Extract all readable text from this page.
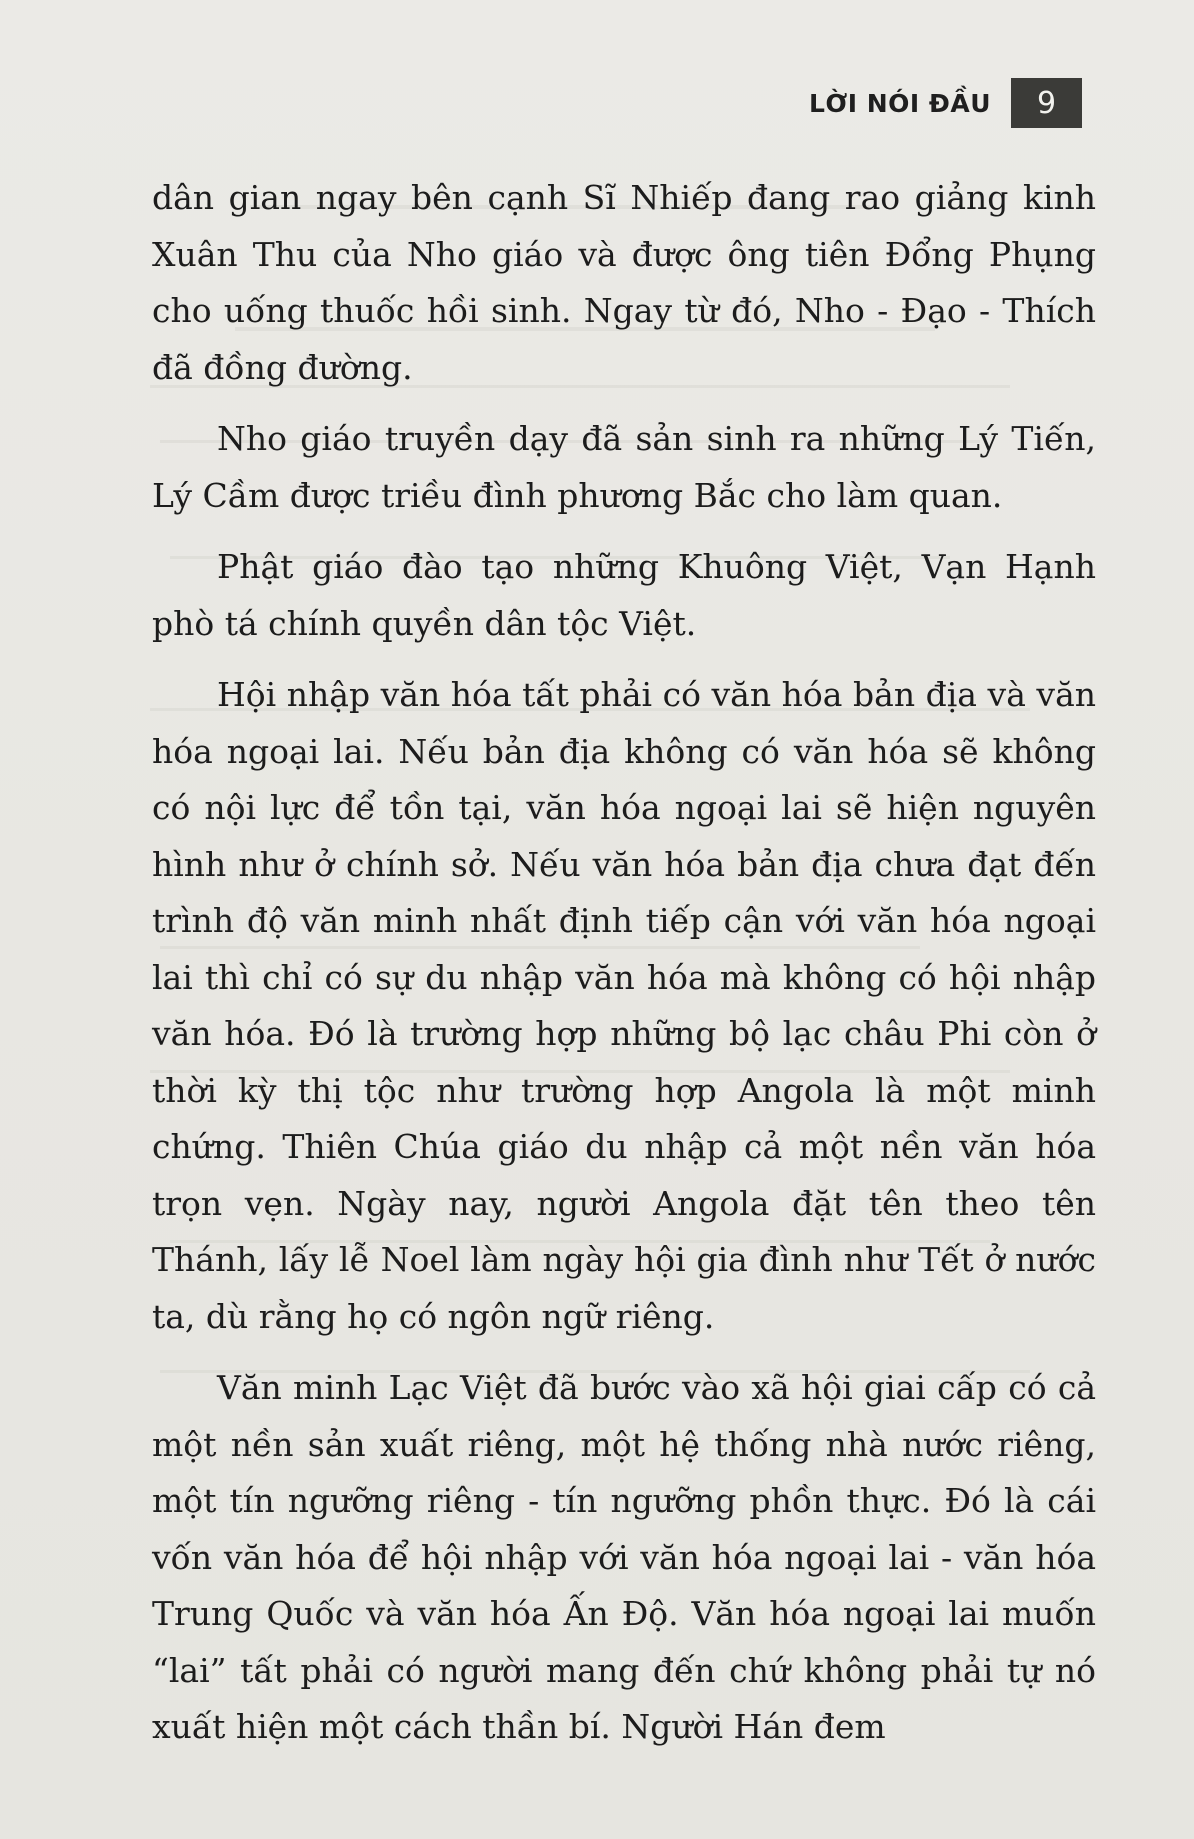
LỜI NÓI ĐẦU	9

dân gian ngay bên cạnh Sĩ Nhiếp đang rao giảng kinh Xuân Thu của Nho giáo và được ông tiên Đổng Phụng cho uống thuốc hồi sinh. Ngay từ đó, Nho - Đạo - Thích đã đồng đường.

Nho giáo truyền dạy đã sản sinh ra những Lý Tiến, Lý Cầm được triều đình phương Bắc cho làm quan.

Phật giáo đào tạo những Khuông Việt, Vạn Hạnh phò tá chính quyền dân tộc Việt.

Hội nhập văn hóa tất phải có văn hóa bản địa và văn hóa ngoại lai. Nếu bản địa không có văn hóa sẽ không có nội lực để tồn tại, văn hóa ngoại lai sẽ hiện nguyên hình như ở chính sở. Nếu văn hóa bản địa chưa đạt đến trình độ văn minh nhất định tiếp cận với văn hóa ngoại lai thì chỉ có sự du nhập văn hóa mà không có hội nhập văn hóa. Đó là trường hợp những bộ lạc châu Phi còn ở thời kỳ thị tộc như trường hợp Angola là một minh chứng. Thiên Chúa giáo du nhập cả một nền văn hóa trọn vẹn. Ngày nay, người Angola đặt tên theo tên Thánh, lấy lễ Noel làm ngày hội gia đình như Tết ở nước ta, dù rằng họ có ngôn ngữ riêng.

Văn minh Lạc Việt đã bước vào xã hội giai cấp có cả một nền sản xuất riêng, một hệ thống nhà nước riêng, một tín ngưỡng riêng - tín ngưỡng phồn thực. Đó là cái vốn văn hóa để hội nhập với văn hóa ngoại lai - văn hóa Trung Quốc và văn hóa Ấn Độ. Văn hóa ngoại lai muốn “lai” tất phải có người mang đến chứ không phải tự nó xuất hiện một cách thần bí. Người Hán đem
